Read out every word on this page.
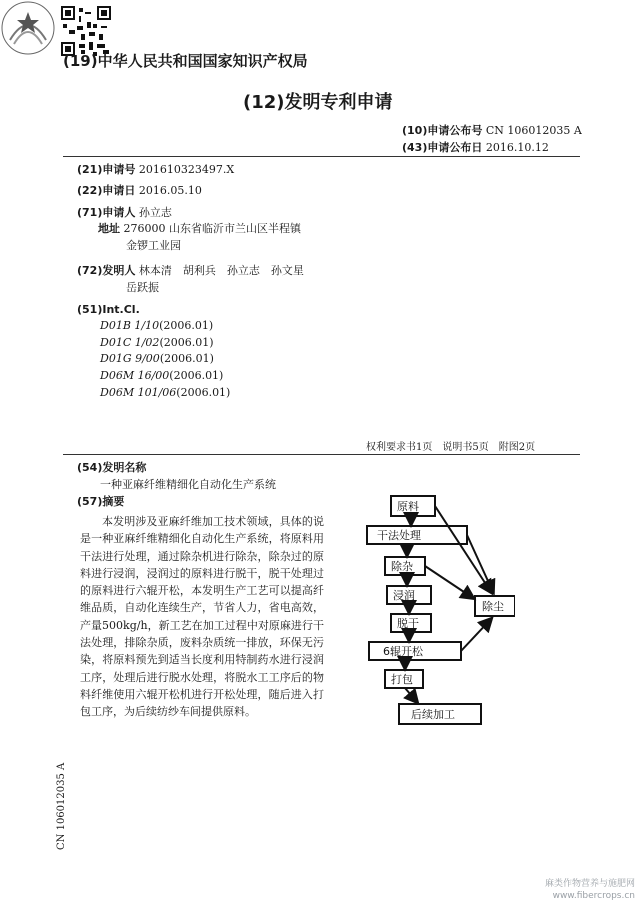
(19)中华人民共和国国家知识产权局

(12)发明专利申请
(10)申请公布号 CN 106012035 A
(43)申请公布日 2016.10.12
(21)申请号 201610323497.X
(22)申请日 2016.05.10
(71)申请人 孙立志
地址 276000 山东省临沂市兰山区半程镇
金锣工业园
(72)发明人 林本清　胡利兵　孙立志　孙文星
岳跃振
(51)Int.Cl.
D01B 1/10(2006.01)
D01C 1/02(2006.01)
D01G 9/00(2006.01)
D06M 16/00(2006.01)
D06M 101/06(2006.01)
权利要求书1页　说明书5页　附图2页
(54)发明名称
一种亚麻纤维精细化自动化生产系统
(57)摘要

本发明涉及亚麻纤维加工技术领域，具体的说是一种亚麻纤维精细化自动化生产系统，将原料用干法进行处理，通过除杂机进行除杂，除杂过的原料进行浸润，浸润过的原料进行脱干，脱干处理过的原料进行六辊开松，本发明生产工艺可以提高纤维品质，自动化连续生产，节省人力，省电高效，产量500kg/h，新工艺在加工过程中对原麻进行干法处理，排除杂质，废料杂质统一排放，环保无污染，将原料预先到适当长度利用特制药水进行浸润工序，处理后进行脱水处理，将脱水工工序后的物料纤维使用六辊开松机进行开松处理，随后进入打包工序，为后续纺纱车间提供原料。

原料
干法处理
除杂
浸润
脱干
6辊开松
打包
后续加工
除尘
CN 106012035 A
麻类作物营养与施肥网
www.fibercrops.cn
